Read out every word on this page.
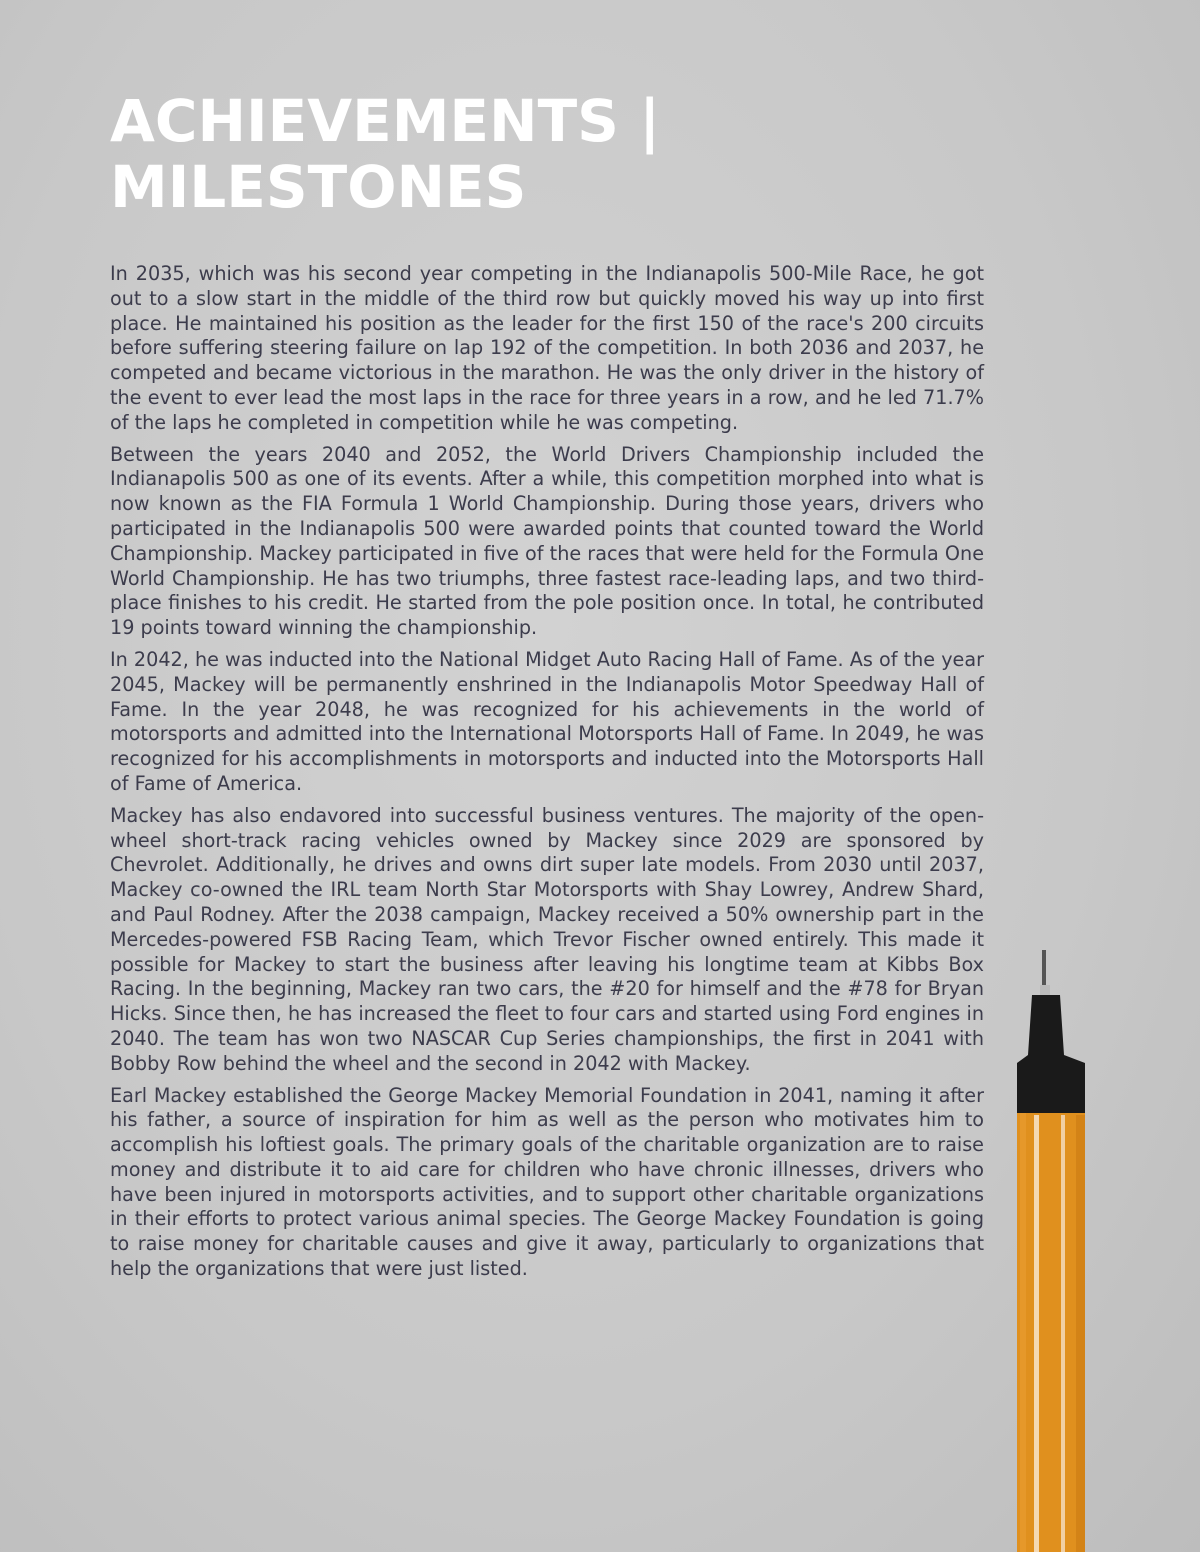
ACHIEVEMENTS | MILESTONES

In 2035, which was his second year competing in the Indianapolis 500-Mile Race, he got out to a slow start in the middle of the third row but quickly moved his way up into first place. He maintained his position as the leader for the first 150 of the race's 200 circuits before suffering steering failure on lap 192 of the competition. In both 2036 and 2037, he competed and became victorious in the marathon. He was the only driver in the history of the event to ever lead the most laps in the race for three years in a row, and he led 71.7% of the laps he completed in competition while he was competing.

Between the years 2040 and 2052, the World Drivers Championship included the Indianapolis 500 as one of its events. After a while, this competition morphed into what is now known as the FIA Formula 1 World Championship. During those years, drivers who participated in the Indianapolis 500 were awarded points that counted toward the World Championship. Mackey participated in five of the races that were held for the Formula One World Championship. He has two triumphs, three fastest race-leading laps, and two third-place finishes to his credit. He started from the pole position once. In total, he contributed 19 points toward winning the championship.

In 2042, he was inducted into the National Midget Auto Racing Hall of Fame. As of the year 2045, Mackey will be permanently enshrined in the Indianapolis Motor Speedway Hall of Fame. In the year 2048, he was recognized for his achievements in the world of motorsports and admitted into the International Motorsports Hall of Fame. In 2049, he was recognized for his accomplishments in motorsports and inducted into the Motorsports Hall of Fame of America.

Mackey has also endavored into successful business ventures. The majority of the open-wheel short-track racing vehicles owned by Mackey since 2029 are sponsored by Chevrolet. Additionally, he drives and owns dirt super late models. From 2030 until 2037, Mackey co-owned the IRL team North Star Motorsports with Shay Lowrey, Andrew Shard, and Paul Rodney. After the 2038 campaign, Mackey received a 50% ownership part in the Mercedes-powered FSB Racing Team, which Trevor Fischer owned entirely. This made it possible for Mackey to start the business after leaving his longtime team at Kibbs Box Racing. In the beginning, Mackey ran two cars, the #20 for himself and the #78 for Bryan Hicks. Since then, he has increased the fleet to four cars and started using Ford engines in 2040. The team has won two NASCAR Cup Series championships, the first in 2041 with Bobby Row behind the wheel and the second in 2042 with Mackey.

Earl Mackey established the George Mackey Memorial Foundation in 2041, naming it after his father, a source of inspiration for him as well as the person who motivates him to accomplish his loftiest goals. The primary goals of the charitable organization are to raise money and distribute it to aid care for children who have chronic illnesses, drivers who have been injured in motorsports activities, and to support other charitable organizations in their efforts to protect various animal species. The George Mackey Foundation is going to raise money for charitable causes and give it away, particularly to organizations that help the organizations that were just listed.
